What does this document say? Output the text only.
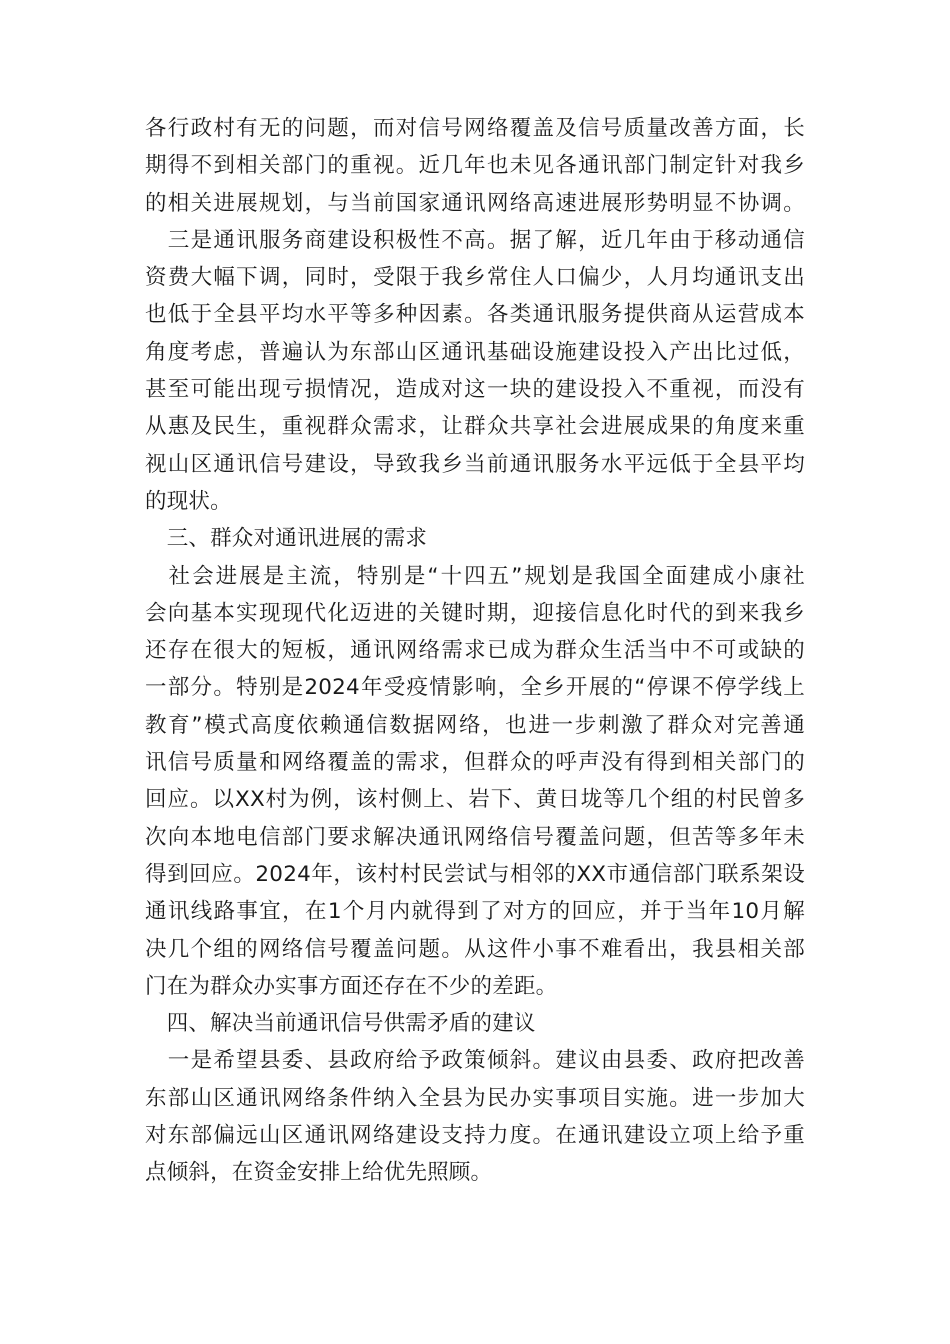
各行政村有无的问题，而对信号网络覆盖及信号质量改善方面，长
期得不到相关部门的重视。近几年也未见各通讯部门制定针对我乡
的相关进展规划，与当前国家通讯网络高速进展形势明显不协调。
　三是通讯服务商建设积极性不高。据了解，近几年由于移动通信
资费大幅下调，同时，受限于我乡常住人口偏少，人月均通讯支出
也低于全县平均水平等多种因素。各类通讯服务提供商从运营成本
角度考虑，普遍认为东部山区通讯基础设施建设投入产出比过低，
甚至可能出现亏损情况，造成对这一块的建设投入不重视，而没有
从惠及民生，重视群众需求，让群众共享社会进展成果的角度来重
视山区通讯信号建设，导致我乡当前通讯服务水平远低于全县平均
的现状。
　三、群众对通讯进展的需求
　社会进展是主流，特别是“十四五”规划是我国全面建成小康社
会向基本实现现代化迈进的关键时期，迎接信息化时代的到来我乡
还存在很大的短板，通讯网络需求已成为群众生活当中不可或缺的
一部分。特别是2024年受疫情影响，全乡开展的“停课不停学线上
教育”模式高度依赖通信数据网络，也进一步刺激了群众对完善通
讯信号质量和网络覆盖的需求，但群众的呼声没有得到相关部门的
回应。以XX村为例，该村侧上、岩下、黄日垅等几个组的村民曾多
次向本地电信部门要求解决通讯网络信号覆盖问题，但苦等多年未
得到回应。2024年，该村村民尝试与相邻的XX市通信部门联系架设
通讯线路事宜，在1个月内就得到了对方的回应，并于当年10月解
决几个组的网络信号覆盖问题。从这件小事不难看出，我县相关部
门在为群众办实事方面还存在不少的差距。
　四、解决当前通讯信号供需矛盾的建议
　一是希望县委、县政府给予政策倾斜。建议由县委、政府把改善
东部山区通讯网络条件纳入全县为民办实事项目实施。进一步加大
对东部偏远山区通讯网络建设支持力度。在通讯建设立项上给予重
点倾斜，在资金安排上给优先照顾。
